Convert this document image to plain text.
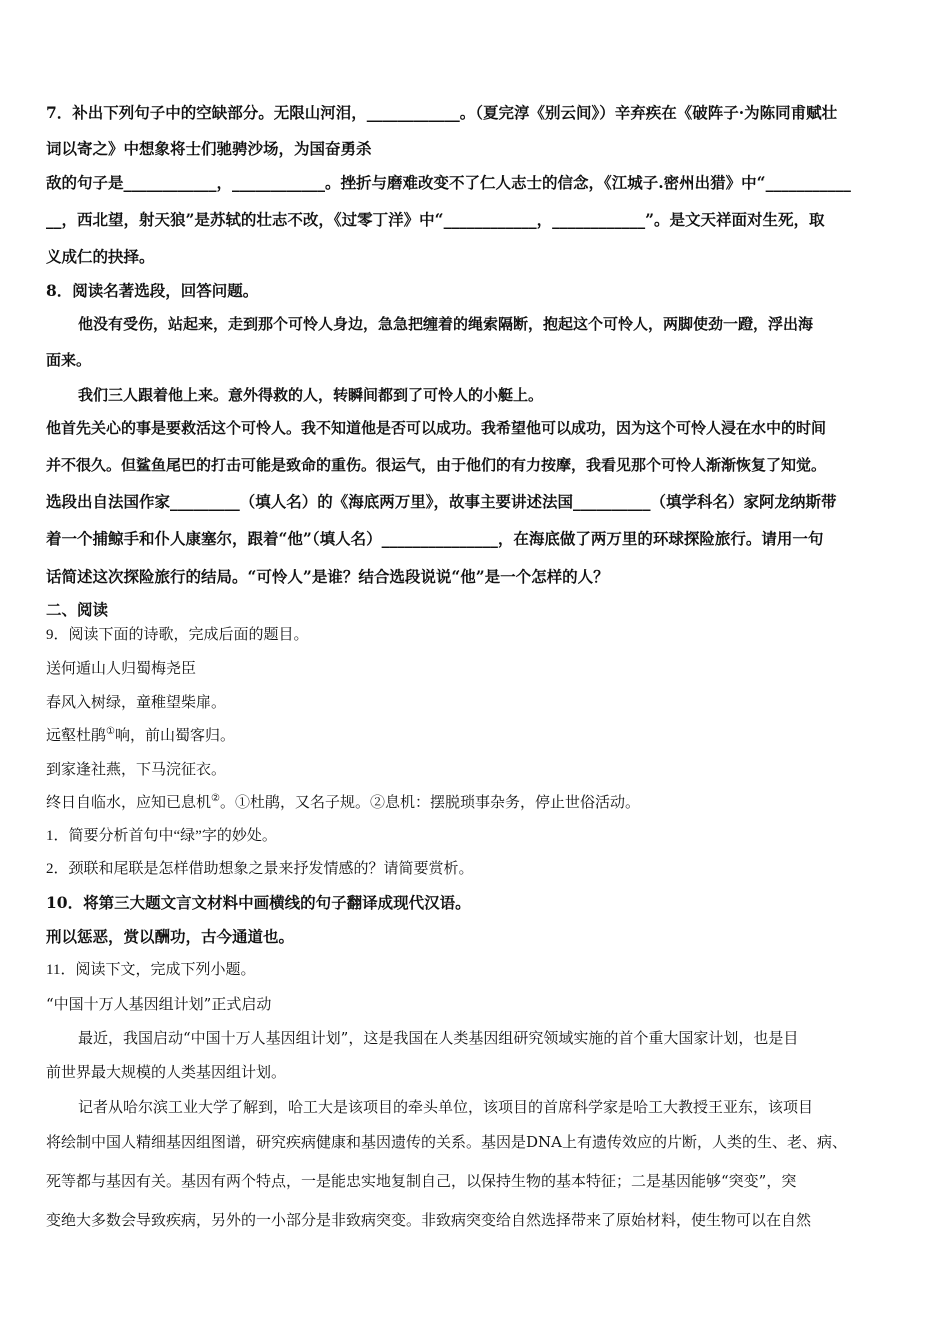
7．补出下列句子中的空缺部分。无限山河泪，____________。（夏完淳《别云间》）辛弃疾在《破阵子·为陈同甫赋壮
词以寄之》中想象将士们驰骋沙场，为国奋勇杀
敌的句子是____________，____________。挫折与磨难改变不了仁人志士的信念，《江城子.密州出猎》中“___________
__，西北望，射天狼”是苏轼的壮志不改，《过零丁洋》中“____________，____________”。是文天祥面对生死，取
义成仁的抉择。
8．阅读名著选段，回答问题。
他没有受伤，站起来，走到那个可怜人身边，急急把缠着的绳索隔断，抱起这个可怜人，两脚使劲一蹬，浮出海
面来。
我们三人跟着他上来。意外得救的人，转瞬间都到了可怜人的小艇上。
他首先关心的事是要救活这个可怜人。我不知道他是否可以成功。我希望他可以成功，因为这个可怜人浸在水中的时间
并不很久。但鲨鱼尾巴的打击可能是致命的重伤。很运气，由于他们的有力按摩，我看见那个可怜人渐渐恢复了知觉。
选段出自法国作家_________（填人名）的《海底两万里》，故事主要讲述法国__________（填学科名）家阿龙纳斯带
着一个捕鲸手和仆人康塞尔，跟着“他”（填人名）_______________，在海底做了两万里的环球探险旅行。请用一句
话简述这次探险旅行的结局。“可怜人”是谁？结合选段说说“他”是一个怎样的人？
二、阅读
9．阅读下面的诗歌，完成后面的题目。
送何遁山人归蜀梅尧臣
春风入树绿，童稚望柴扉。
远壑杜鹃①响，前山蜀客归。
到家逢社燕，下马浣征衣。
终日自临水，应知已息机②。①杜鹃，又名子规。②息机：摆脱琐事杂务，停止世俗活动。
1．简要分析首句中“绿”字的妙处。
2．颈联和尾联是怎样借助想象之景来抒发情感的？请简要赏析。
10．将第三大题文言文材料中画横线的句子翻译成现代汉语。
刑以惩恶，赏以酬功，古今通道也。
11．阅读下文，完成下列小题。
“中国十万人基因组计划”正式启动
最近，我国启动“中国十万人基因组计划”，这是我国在人类基因组研究领域实施的首个重大国家计划，也是目
前世界最大规模的人类基因组计划。
记者从哈尔滨工业大学了解到，哈工大是该项目的牵头单位，该项目的首席科学家是哈工大教授王亚东，该项目
将绘制中国人精细基因组图谱，研究疾病健康和基因遗传的关系。基因是DNA上有遗传效应的片断，人类的生、老、病、
死等都与基因有关。基因有两个特点，一是能忠实地复制自己，以保持生物的基本特征；二是基因能够“突变”，突
变绝大多数会导致疾病，另外的一小部分是非致病突变。非致病突变给自然选择带来了原始材料，使生物可以在自然
